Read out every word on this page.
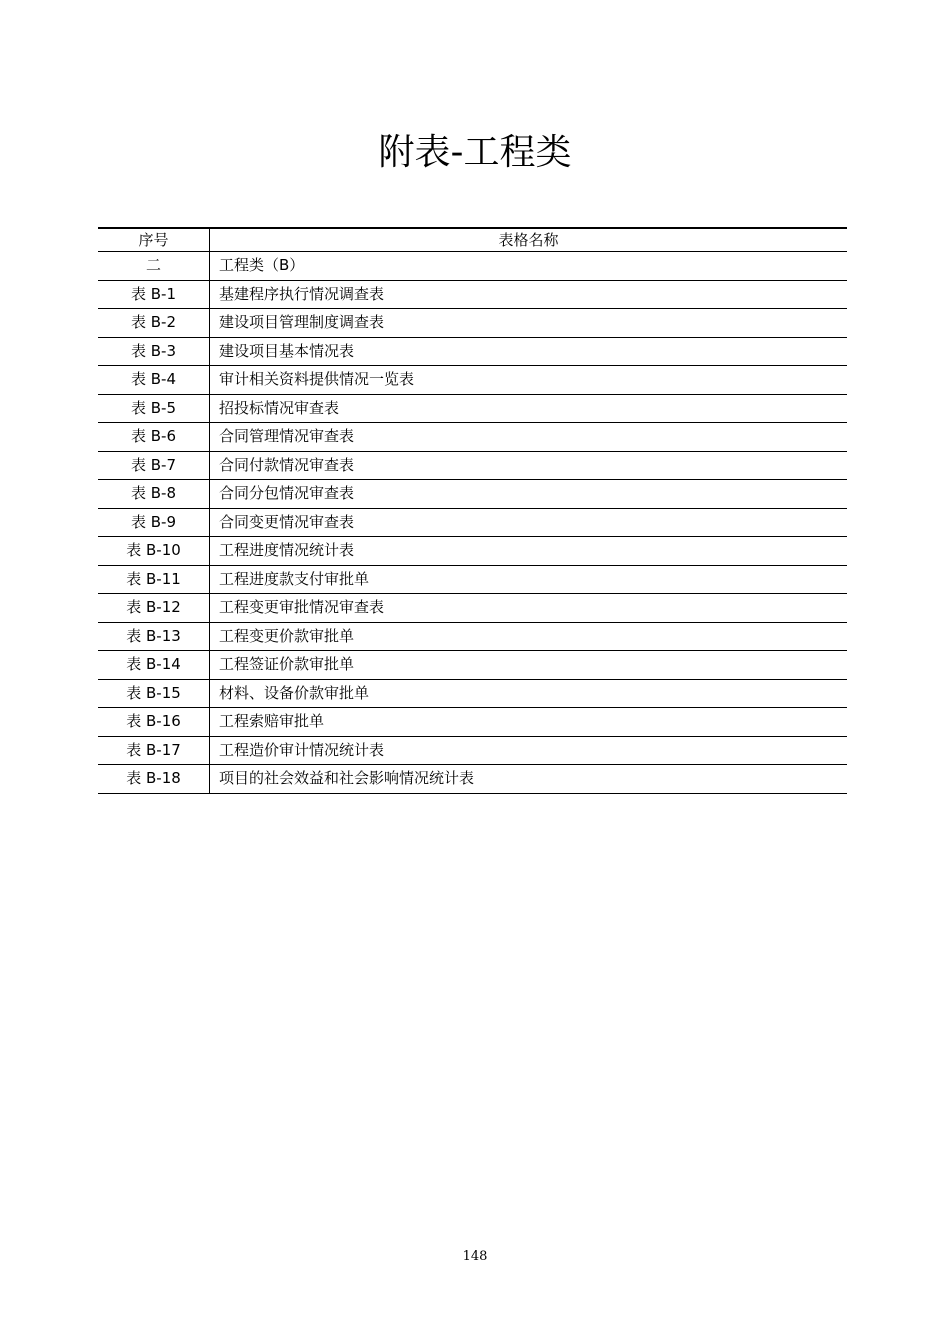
附表-工程类
序号	表格名称
二	工程类（B）
表 B-1	基建程序执行情况调查表
表 B-2	建设项目管理制度调查表
表 B-3	建设项目基本情况表
表 B-4	审计相关资料提供情况一览表
表 B-5	招投标情况审查表
表 B-6	合同管理情况审查表
表 B-7	合同付款情况审查表
表 B-8	合同分包情况审查表
表 B-9	合同变更情况审查表
表 B-10	工程进度情况统计表
表 B-11	工程进度款支付审批单
表 B-12	工程变更审批情况审查表
表 B-13	工程变更价款审批单
表 B-14	工程签证价款审批单
表 B-15	材料、设备价款审批单
表 B-16	工程索赔审批单
表 B-17	工程造价审计情况统计表
表 B-18	项目的社会效益和社会影响情况统计表
148
